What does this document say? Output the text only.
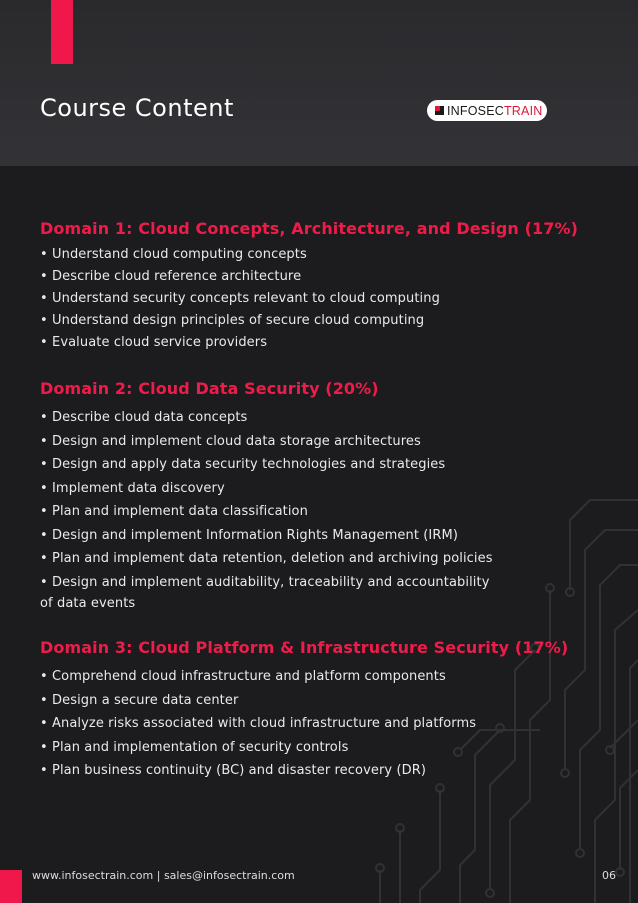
Course Content	INFOSECTRAIN
Domain 1: Cloud Concepts, Architecture, and Design (17%)
• Understand cloud computing concepts
• Describe cloud reference architecture
• Understand security concepts relevant to cloud computing
• Understand design principles of secure cloud computing
• Evaluate cloud service providers
Domain 2: Cloud Data Security (20%)
• Describe cloud data concepts
• Design and implement cloud data storage architectures
• Design and apply data security technologies and strategies
• Implement data discovery
• Plan and implement data classification
• Design and implement Information Rights Management (IRM)
• Plan and implement data retention, deletion and archiving policies
• Design and implement auditability, traceability and accountability
of data events
Domain 3: Cloud Platform & Infrastructure Security (17%)
• Comprehend cloud infrastructure and platform components
• Design a secure data center
• Analyze risks associated with cloud infrastructure and platforms
• Plan and implementation of security controls
• Plan business continuity (BC) and disaster recovery (DR)
www.infosectrain.com | sales@infosectrain.com	06
